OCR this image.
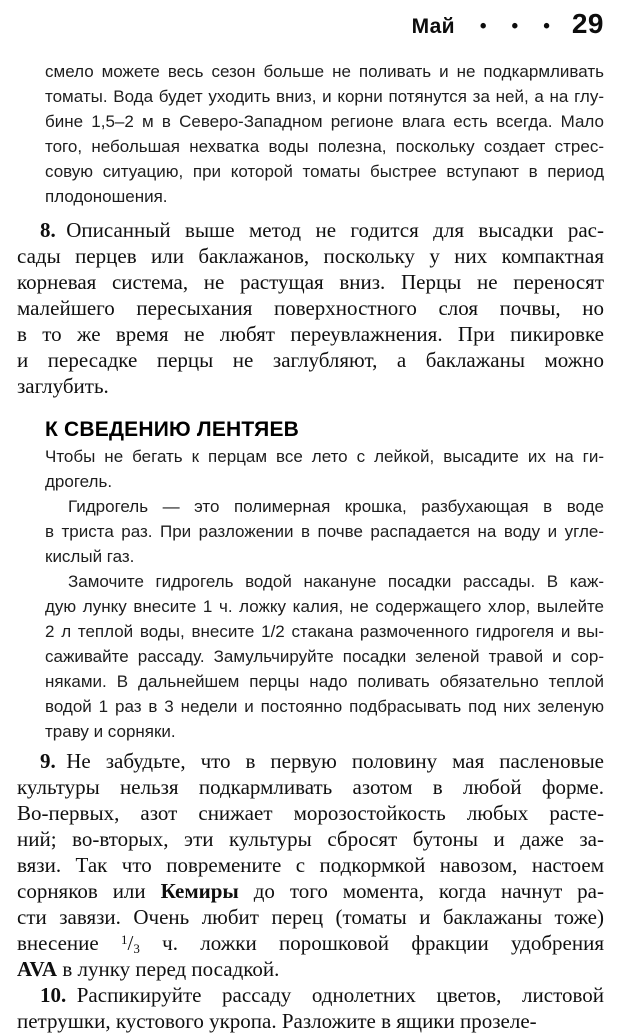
Май • • • 29
смело можете весь сезон больше не поливать и не подкармливать
томаты. Вода будет уходить вниз, и корни потянутся за ней, а на глу-
бине 1,5–2 м в Северо-Западном регионе влага есть всегда. Мало
того, небольшая нехватка воды полезна, поскольку создает стрес-
совую ситуацию, при которой томаты быстрее вступают в период
плодоношения.
8. Описанный выше метод не годится для высадки рас-
сады перцев или баклажанов, поскольку у них компактная
корневая система, не растущая вниз. Перцы не переносят
малейшего пересыхания поверхностного слоя почвы, но
в то же время не любят переувлажнения. При пикировке
и пересадке перцы не заглубляют, а баклажаны можно
заглубить.
К СВЕДЕНИЮ ЛЕНТЯЕВ
Чтобы не бегать к перцам все лето с лейкой, высадите их на ги-
дрогель.
Гидрогель — это полимерная крошка, разбухающая в воде
в триста раз. При разложении в почве распадается на воду и угле-
кислый газ.
Замочите гидрогель водой накануне посадки рассады. В каж-
дую лунку внесите 1 ч. ложку калия, не содержащего хлор, вылейте
2 л теплой воды, внесите 1/2 стакана размоченного гидрогеля и вы-
саживайте рассаду. Замульчируйте посадки зеленой травой и сор-
няками. В дальнейшем перцы надо поливать обязательно теплой
водой 1 раз в 3 недели и постоянно подбрасывать под них зеленую
траву и сорняки.
9. Не забудьте, что в первую половину мая пасленовые
культуры нельзя подкармливать азотом в любой форме.
Во-первых, азот снижает морозостойкость любых расте-
ний; во-вторых, эти культуры сбросят бутоны и даже за-
вязи. Так что повремените с подкормкой навозом, настоем
сорняков или Кемиры до того момента, когда начнут ра-
сти завязи. Очень любит перец (томаты и баклажаны тоже)
внесение $^1/_3$ ч. ложки порошковой фракции удобрения
AVA в лунку перед посадкой.
10. Распикируйте рассаду однолетних цветов, листовой
петрушки, кустового укропа. Разложите в ящики прозеле-
